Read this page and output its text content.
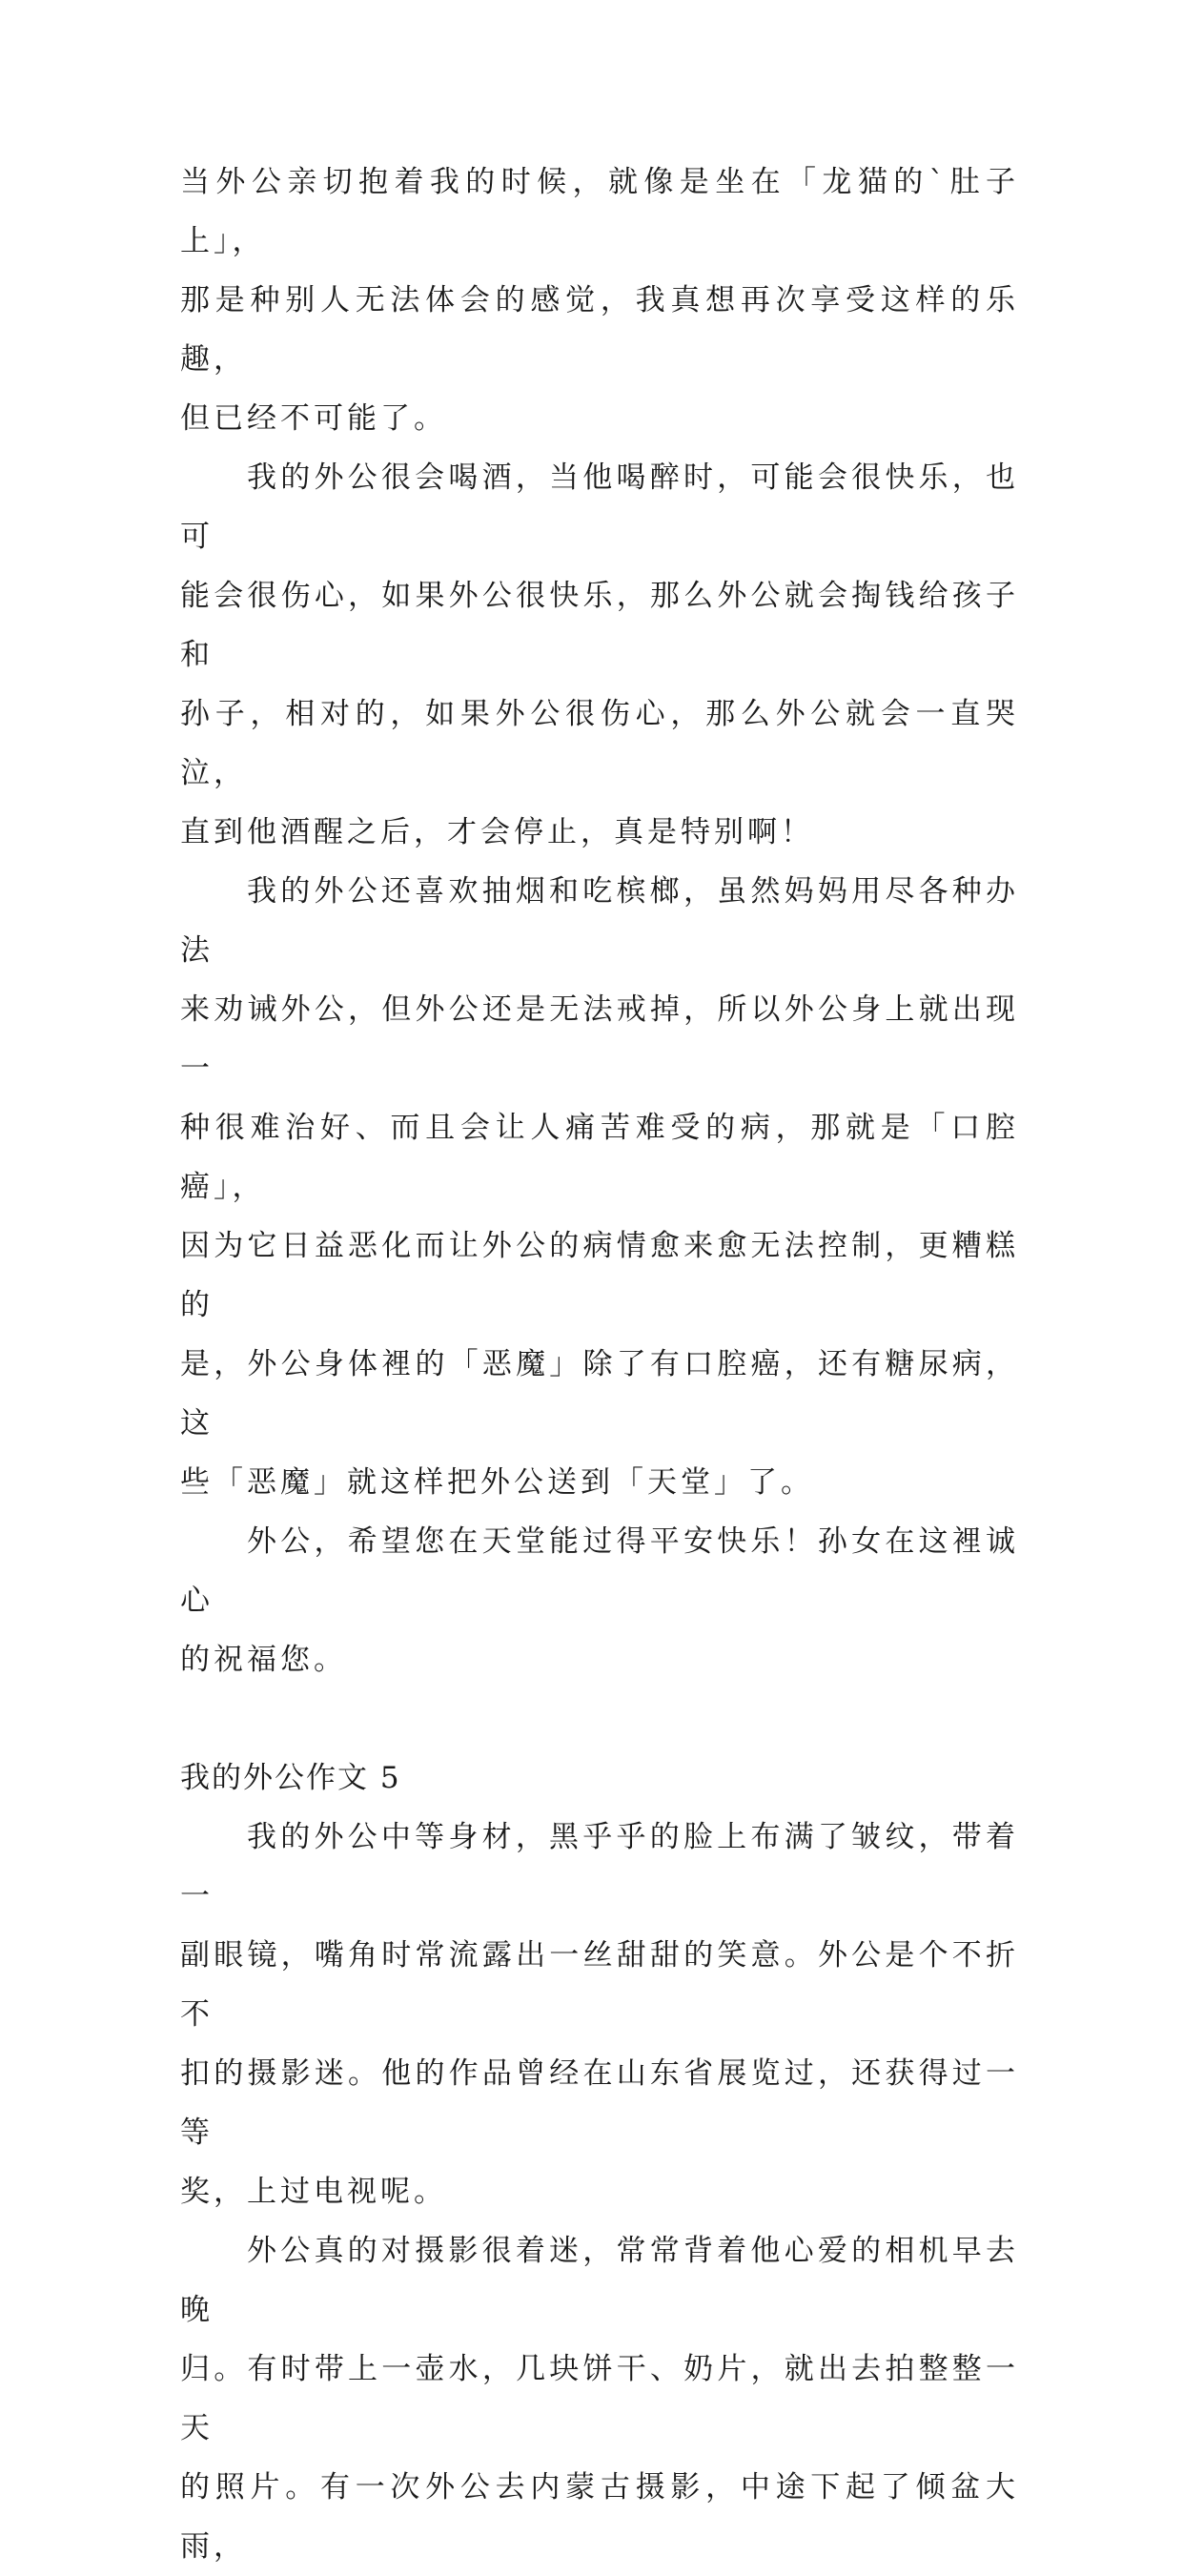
当外公亲切抱着我的时候，就像是坐在「龙猫的`肚子上」，
那是种别人无法体会的感觉，我真想再次享受这样的乐趣，
但已经不可能了。

我的外公很会喝酒，当他喝醉时，可能会很快乐，也可
能会很伤心，如果外公很快乐，那么外公就会掏钱给孩子和
孙子，相对的，如果外公很伤心，那么外公就会一直哭泣，
直到他酒醒之后，才会停止，真是特别啊！

我的外公还喜欢抽烟和吃槟榔，虽然妈妈用尽各种办法
来劝诫外公，但外公还是无法戒掉，所以外公身上就出现一
种很难治好、而且会让人痛苦难受的病，那就是「口腔癌」，
因为它日益恶化而让外公的病情愈来愈无法控制，更糟糕的
是，外公身体裡的「恶魔」除了有口腔癌，还有糖尿病，这
些「恶魔」就这样把外公送到「天堂」了。

外公，希望您在天堂能过得平安快乐！孙女在这裡诚心
的祝福您。

我的外公作文 5

我的外公中等身材，黑乎乎的脸上布满了皱纹，带着一
副眼镜，嘴角时常流露出一丝甜甜的笑意。外公是个不折不
扣的摄影迷。他的作品曾经在山东省展览过，还获得过一等
奖，上过电视呢。

外公真的对摄影很着迷，常常背着他心爱的相机早去晚
归。有时带上一壶水，几块饼干、奶片，就出去拍整整一天
的照片。有一次外公去内蒙古摄影，中途下起了倾盆大雨，
